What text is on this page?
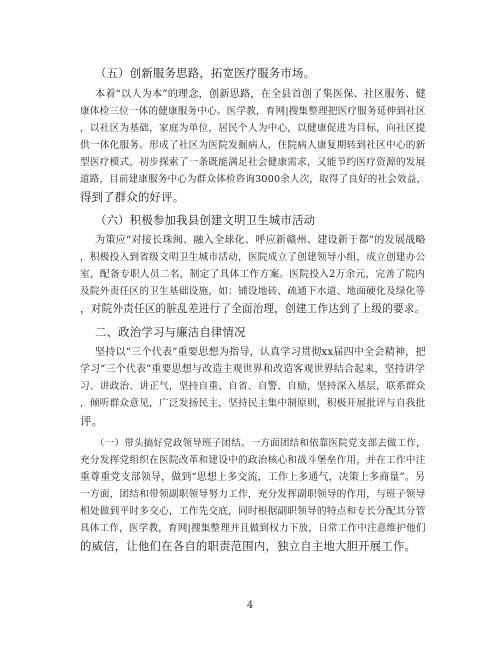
（五）创新服务思路，拓宽医疗服务市场。
本着“以人为本”的理念，创新思路，在全县首创了集医保、社区服务、健
康体检三位一体的健康服务中心。医学教，育网|搜集整理把医疗服务延伸到社区
，以社区为基础，家庭为单位，居民个人为中心，以健康促进为目标，向社区提
供一体化服务。形成了社区为医院发掘病人，住院病人康复期转到社区中心的新
型医疗模式，初步探索了一条既能满足社会健康需求，又能节约医疗资源的发展
道路，目前建康服务中心为群众体检咨询3000余人次，取得了良好的社会效益，
得到了群众的好评。
（六）积极参加我县创建文明卫生城市活动
为策应“对接长珠闽、融入全球化、呼应新赣州、建设新于都”的发展战略
，积极投入到省级文明卫生城市活动，医院成立了创建领导小组，成立创建办公
室，配备专职人员二名，制定了具体工作方案。医院投入2万余元，完善了院内
及院外责任区的卫生基础设施，如：铺设地砖、疏通下水道、地面硬化及绿化等
，对院外责任区的脏乱差进行了全面治理，创建工作达到了上级的要求。
二、政治学习与廉洁自律情况
坚持以“三个代表”重要思想为指导，认真学习贯彻xx届四中全会精神，把
学习“三个代表”重要思想与改造主观世界和改造客观世界结合起来，坚持讲学
习、讲政治、讲正气，坚持自重、自省、自警、自励，坚持深入基层，联系群众
，倾听群众意见，广泛发扬民主，坚持民主集中制原则，积极开展批评与自我批
评。
（一）带头搞好党政领导班子团结。一方面团结和依靠医院党支部去做工作，
充分发挥党组织在医院改革和建设中的政治核心和战斗堡垒作用，并在工作中注
重尊重党支部领导，做到“思想上多交流，工作上多通气，决策上多商量”。另
一方面，团结和带领副职领导努力工作，充分发挥副职领导的作用，与班子领导
相处做到平时多交心，工作先交底，同时根据副职领导的特点和专长分配其分管
具体工作，医学教，育网|搜集整理并且做到权力下放，日常工作中注意维护他们
的威信，让他们在各自的职责范围内，独立自主地大胆开展工作。
4
